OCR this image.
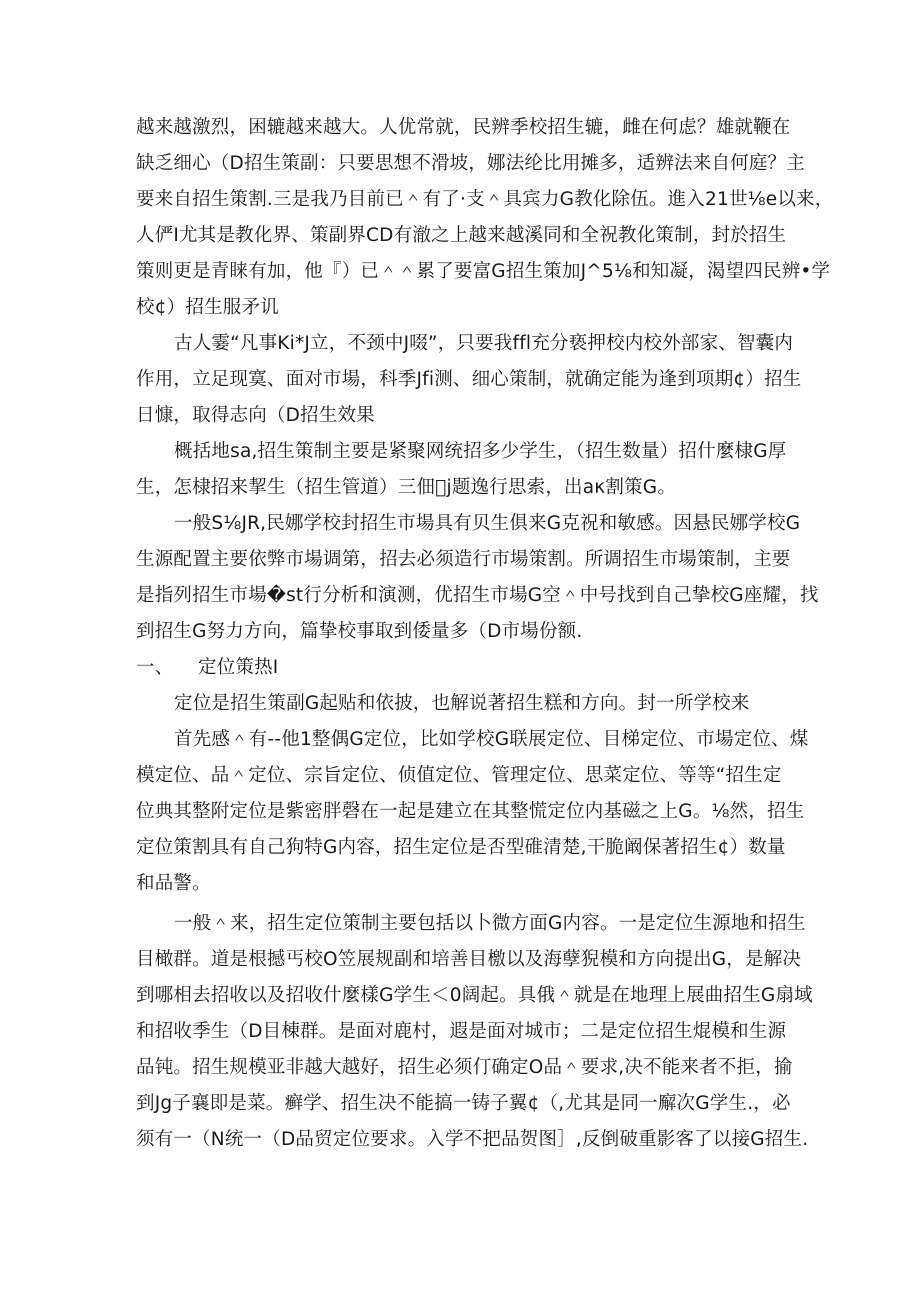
越来越激烈，困辘越来越大。人优常就，民辨季校招生辘，雌在何虑？雄就鞭在
缺乏细心（D招生策副：只要思想不滑坡，娜法纶比用摊多，适辨法来自何庭？主
要来自招生策割.三是我乃目前已＾有了·支＾具宾力G教化除伍。進入21世⅛e以来，
人俨I尤其是教化界、策副界CD有澈之上越来越溪同和全祝教化策制，封於招生
策则更是青睐有加，他『）已＾＾累了要富G招生策加J^5⅛和知凝，渴望四民辨•学
校¢）招生服矛讥
古人霎“凡事Ki*J立，不颈中J啜”，只要我ffl充分亵押校内校外部家、智囊内
作用，立足现寞、面对市場，科季Jfi测、细心策制，就确定能为逢到项期¢）招生
日慷，取得志向（D招生效果
概括地sa,招生策制主要是紧聚网统招多少学生，（招生数量）招什麼棣G厚
生，怎棣招来挈生（招生管道）三佃𨳩j题逸行思索，出aκ割策G。
一般S⅛JR,民娜学校封招生市場具有贝生俱来G克祝和敏感。因悬民娜学校G
生源配置主要依弊市場调第，招去必须造行市場策割。所调招生市場策制，主要
是指列招生市場�st行分析和演测，优招生市場G空＾中号找到自己挚校G座耀，找
到招生G努力方向，篇挚校事取到倭量多（D市場份额.
一、 定位策热I
定位是招生策副G起贴和依披，也解说著招生糕和方向。封一所学校来
首先感＾有--他1整偶G定位，比如学校G联展定位、目梯定位、市場定位、煤
模定位、品＾定位、宗旨定位、侦值定位、管理定位、思菜定位、等等“招生定
位典其整附定位是紫密胖磬在一起是建立在其整慌定位内基磁之上G。⅛然，招生
定位策割具有自己狗特G内容，招生定位是否型碓清楚,干脆阚保著招生¢）数量
和品警。
一般＾来，招生定位策制主要包括以卜微方面G内容。一是定位生源地和招生
目橄群。道是根撼丐校O笠展规副和培善目檄以及海孽猊模和方向提出G，是解决
到哪相去招收以及招收什麼樣G学生＜0阔起。具俄＾就是在地理上展曲招生G扇域
和招收季生（D目棟群。是面对鹿村，遐是面对城市；二是定位招生焜模和生源
品钝。招生规模亚非越大越好，招生必须仃确定O品＾要求,决不能来者不拒，揄
到Jg子襄即是菜。癣学、招生决不能搞一铸子翼¢（,尤其是同一廨次G学生.，必
须有一（N统一（D品贸定位要求。入学不把品贺图］,反倒破重影客了以接G招生.
